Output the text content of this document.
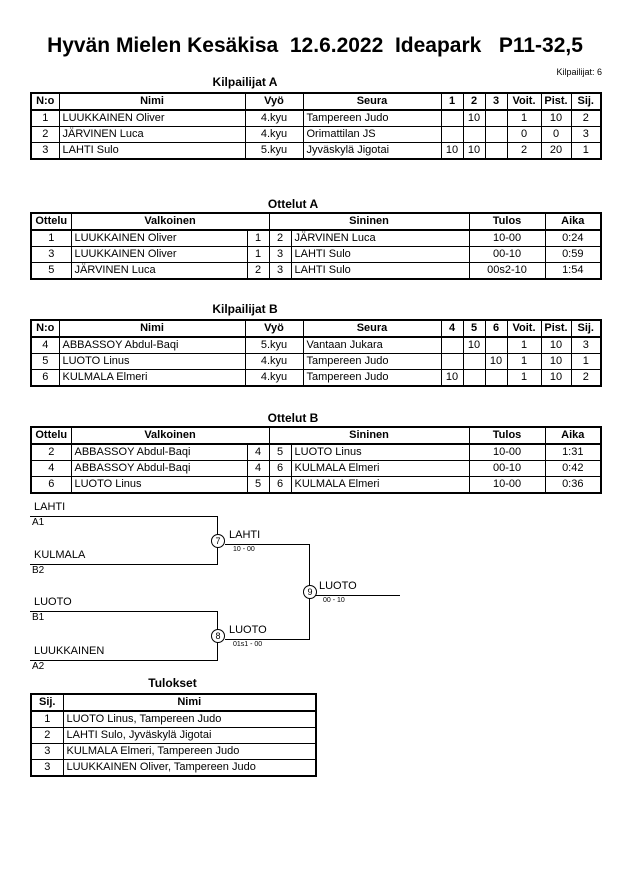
Hyvän Mielen Kesäkisa  12.6.2022  Ideapark   P11-32,5
Kilpailijat: 6
Kilpailijat A
N:o	Nimi	Vyö	Seura	1	2	3	Voit.	Pist.	Sij.
1	LUUKKAINEN Oliver	4.kyu	Tampereen Judo		10		1	10	2
2	JÄRVINEN Luca	4.kyu	Orimattilan JS				0	0	3
3	LAHTI Sulo	5.kyu	Jyväskylä Jigotai	10	10		2	20	1
Ottelut A
Ottelu	Valkoinen		Sininen		Tulos	Aika
1	LUUKKAINEN Oliver	1	2	JÄRVINEN Luca	10-00	0:24
3	LUUKKAINEN Oliver	1	3	LAHTI Sulo	00-10	0:59
5	JÄRVINEN Luca	2	3	LAHTI Sulo	00s2-10	1:54
Kilpailijat B
N:o	Nimi	Vyö	Seura	4	5	6	Voit.	Pist.	Sij.
4	ABBASSOY Abdul-Baqi	5.kyu	Vantaan Jukara		10		1	10	3
5	LUOTO Linus	4.kyu	Tampereen Judo			10	1	10	1
6	KULMALA Elmeri	4.kyu	Tampereen Judo	10			1	10	2
Ottelut B
Ottelu	Valkoinen		Sininen		Tulos	Aika
2	ABBASSOY Abdul-Baqi	4	5	LUOTO Linus	10-00	1:31
4	ABBASSOY Abdul-Baqi	4	6	KULMALA Elmeri	00-10	0:42
6	LUOTO Linus	5	6	KULMALA Elmeri	10-00	0:36
LAHTI
A1
KULMALA
B2
LUOTO
B1
LUUKKAINEN
A2
LAHTI
10 - 00
LUOTO
01s1 - 00
LUOTO
00 - 10
7
8
9
Tulokset
Sij.	Nimi
1	LUOTO Linus, Tampereen Judo
2	LAHTI Sulo, Jyväskylä Jigotai
3	KULMALA Elmeri, Tampereen Judo
3	LUUKKAINEN Oliver, Tampereen Judo
